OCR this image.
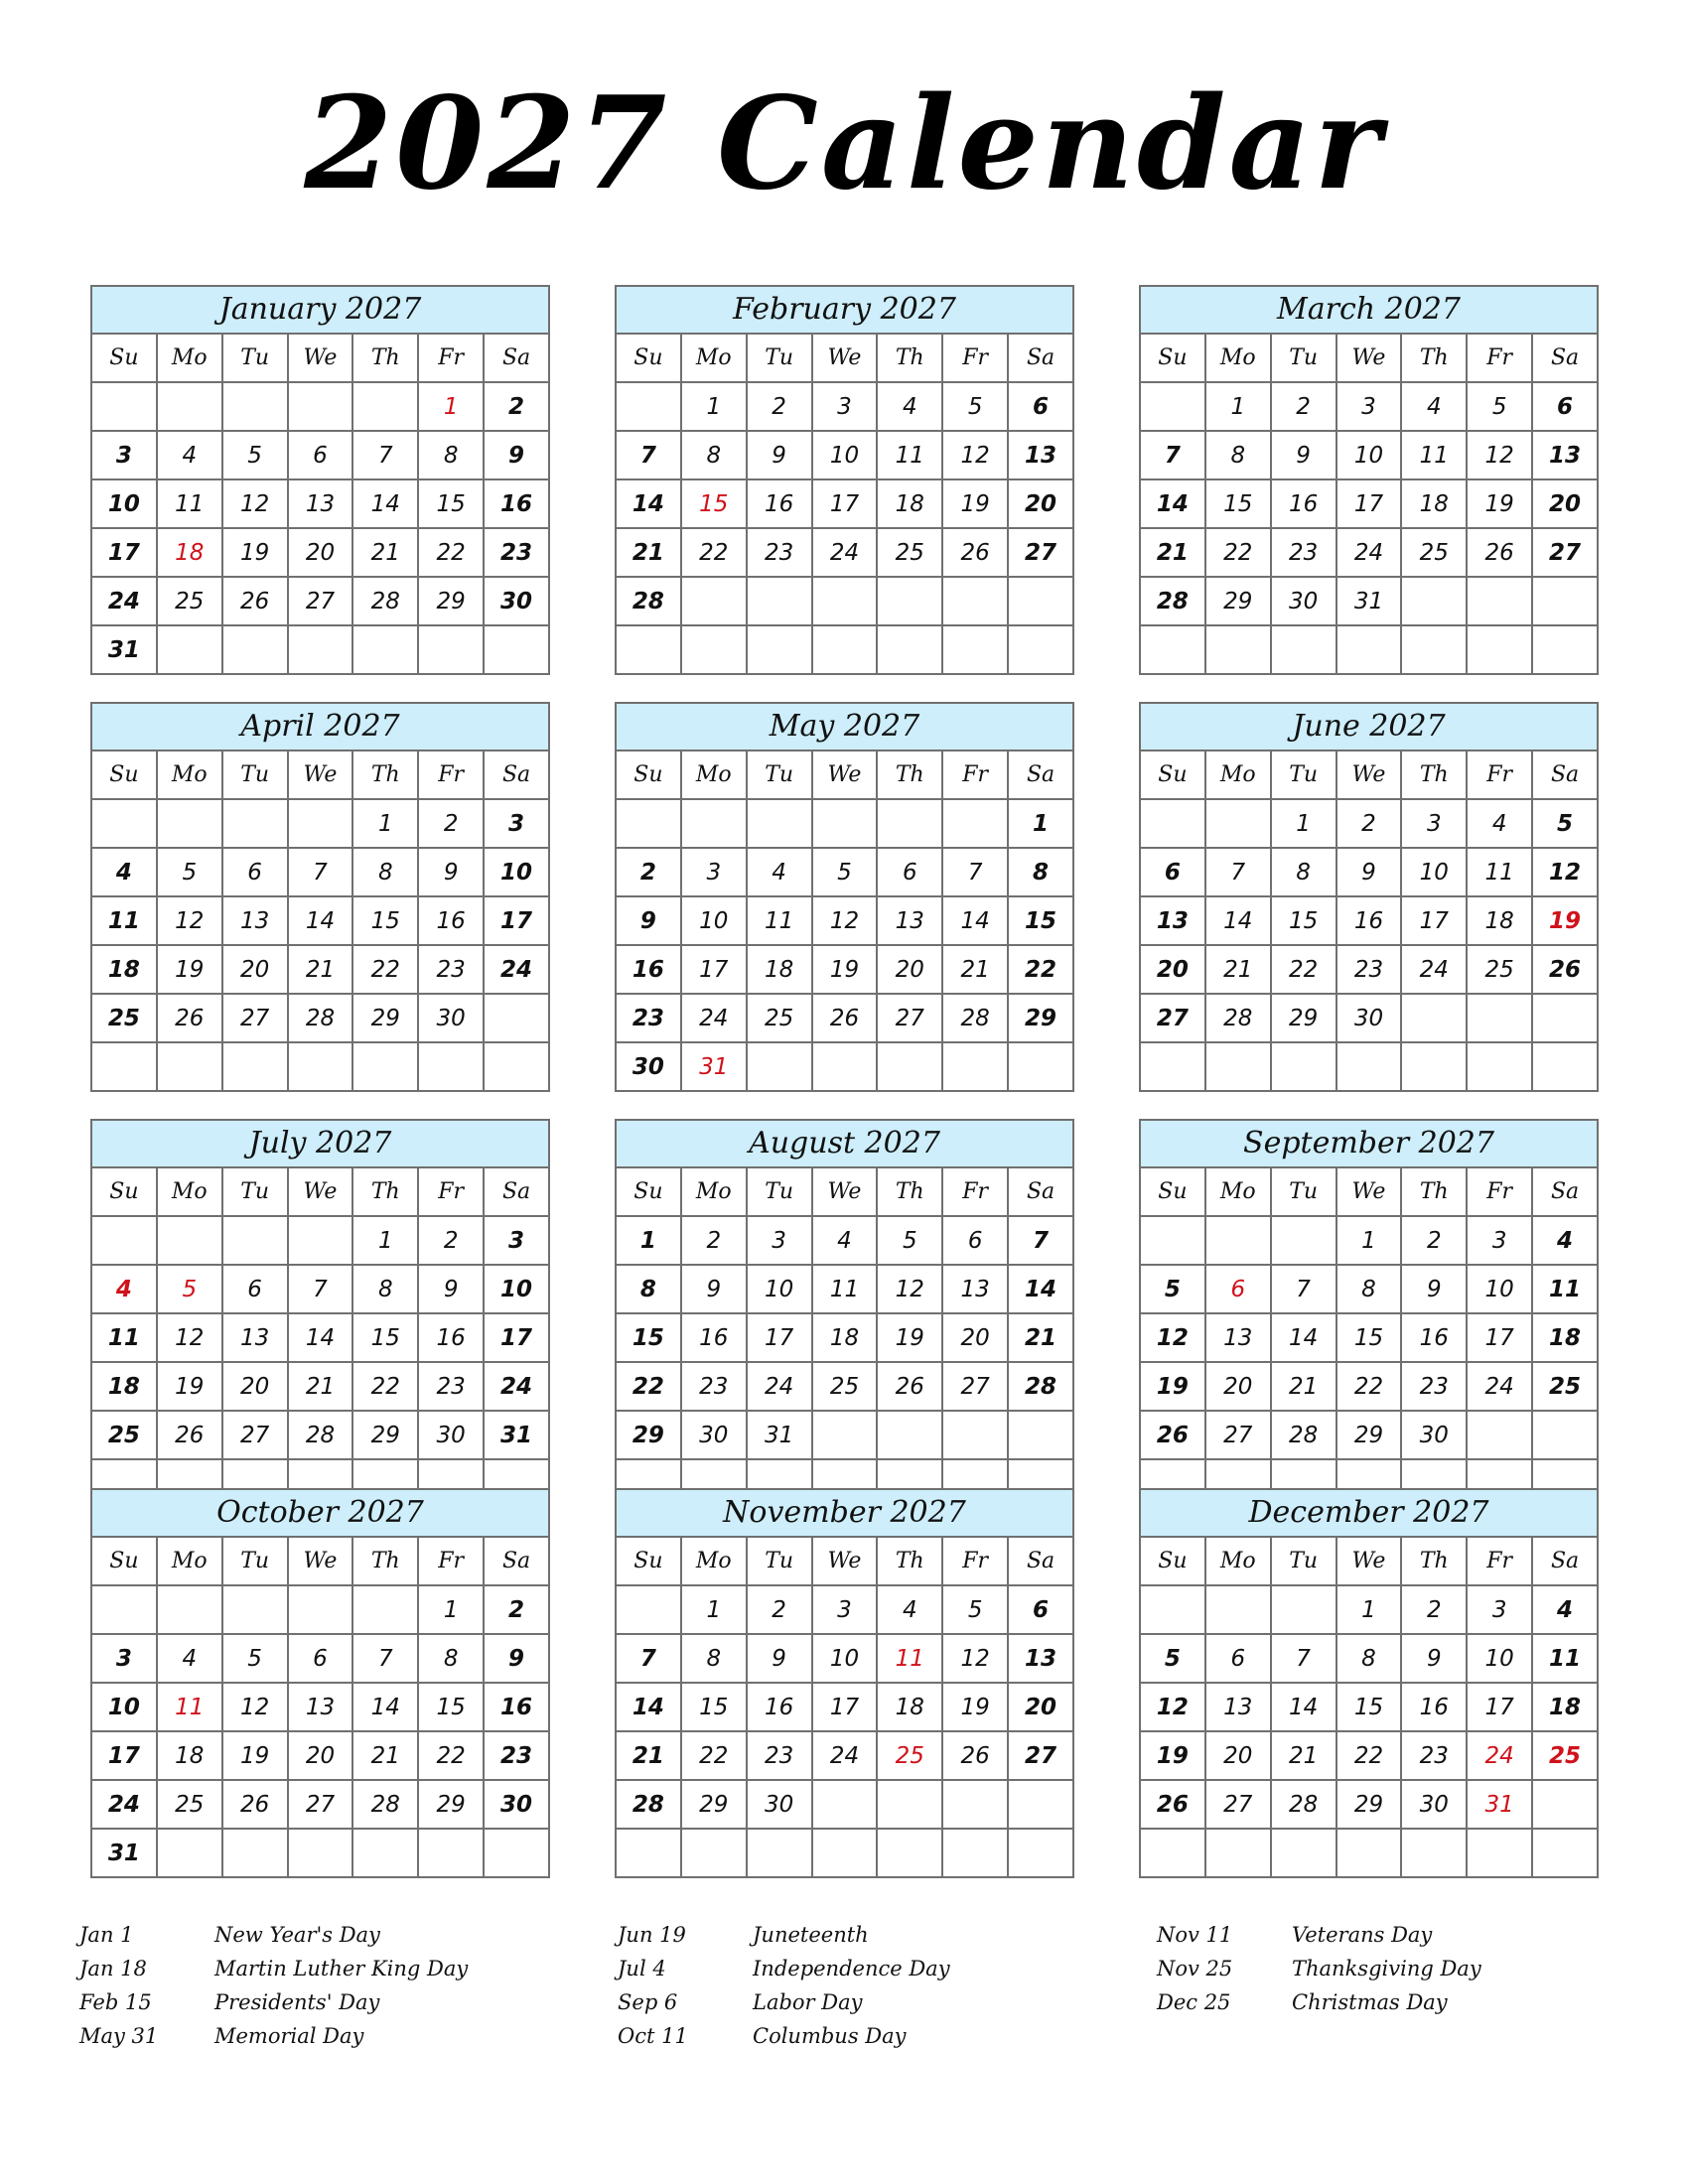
2027 Calendar
January 2027
Su	Mo	Tu	We	Th	Fr	Sa
					1	2
3	4	5	6	7	8	9
10	11	12	13	14	15	16
17	18	19	20	21	22	23
24	25	26	27	28	29	30
31						
February 2027
Su	Mo	Tu	We	Th	Fr	Sa
	1	2	3	4	5	6
7	8	9	10	11	12	13
14	15	16	17	18	19	20
21	22	23	24	25	26	27
28						

March 2027
Su	Mo	Tu	We	Th	Fr	Sa
	1	2	3	4	5	6
7	8	9	10	11	12	13
14	15	16	17	18	19	20
21	22	23	24	25	26	27
28	29	30	31			

April 2027
Su	Mo	Tu	We	Th	Fr	Sa
				1	2	3
4	5	6	7	8	9	10
11	12	13	14	15	16	17
18	19	20	21	22	23	24
25	26	27	28	29	30	

May 2027
Su	Mo	Tu	We	Th	Fr	Sa
						1
2	3	4	5	6	7	8
9	10	11	12	13	14	15
16	17	18	19	20	21	22
23	24	25	26	27	28	29
30	31					
June 2027
Su	Mo	Tu	We	Th	Fr	Sa
		1	2	3	4	5
6	7	8	9	10	11	12
13	14	15	16	17	18	19
20	21	22	23	24	25	26
27	28	29	30			

July 2027
Su	Mo	Tu	We	Th	Fr	Sa
				1	2	3
4	5	6	7	8	9	10
11	12	13	14	15	16	17
18	19	20	21	22	23	24
25	26	27	28	29	30	31

August 2027
Su	Mo	Tu	We	Th	Fr	Sa
1	2	3	4	5	6	7
8	9	10	11	12	13	14
15	16	17	18	19	20	21
22	23	24	25	26	27	28
29	30	31				

September 2027
Su	Mo	Tu	We	Th	Fr	Sa
			1	2	3	4
5	6	7	8	9	10	11
12	13	14	15	16	17	18
19	20	21	22	23	24	25
26	27	28	29	30		

October 2027
Su	Mo	Tu	We	Th	Fr	Sa
					1	2
3	4	5	6	7	8	9
10	11	12	13	14	15	16
17	18	19	20	21	22	23
24	25	26	27	28	29	30
31						
November 2027
Su	Mo	Tu	We	Th	Fr	Sa
	1	2	3	4	5	6
7	8	9	10	11	12	13
14	15	16	17	18	19	20
21	22	23	24	25	26	27
28	29	30				

December 2027
Su	Mo	Tu	We	Th	Fr	Sa
			1	2	3	4
5	6	7	8	9	10	11
12	13	14	15	16	17	18
19	20	21	22	23	24	25
26	27	28	29	30	31	

Jan 1	New Year's Day
Jan 18	Martin Luther King Day
Feb 15	Presidents' Day
May 31	Memorial Day
Jun 19	Juneteenth
Jul 4	Independence Day
Sep 6	Labor Day
Oct 11	Columbus Day
Nov 11	Veterans Day
Nov 25	Thanksgiving Day
Dec 25	Christmas Day
